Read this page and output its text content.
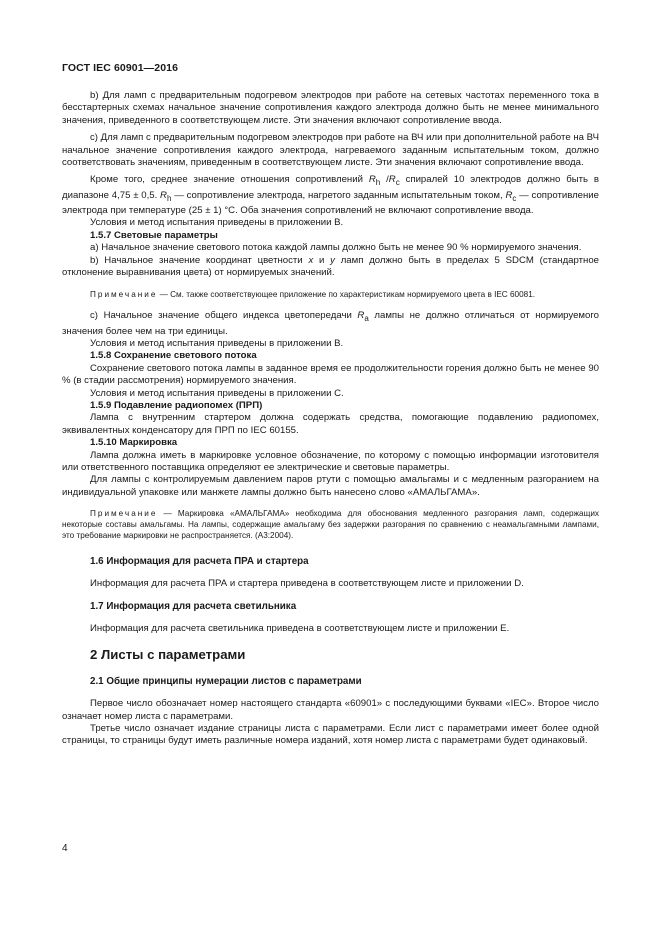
ГОСТ IEC 60901—2016

b) Для ламп с предварительным подогревом электродов при работе на сетевых частотах переменного тока в бесстартерных схемах начальное значение сопротивления каждого электрода должно быть не менее минимального значения, приведенного в соответствующем листе. Эти значения включают сопротивление ввода.

с) Для ламп с предварительным подогревом электродов при работе на ВЧ или при дополнительной работе на ВЧ начальное значение сопротивления каждого электрода, нагреваемого заданным испытательным током, должно соответствовать значениям, приведенным в соответствующем листе. Эти значения включают сопротивление ввода.

Кроме того, среднее значение отношения сопротивлений $R_h$ $/R_c$ спиралей 10 электродов должно быть в диапазоне 4,75 ± 0,5. $R_h$ — сопротивление электрода, нагретого заданным испытательным током, $R_c$ — сопротивление электрода при температуре (25 ± 1) °С. Оба значения сопротивлений не включают сопротивление ввода.

Условия и метод испытания приведены в приложении В.

1.5.7 Световые параметры

а) Начальное значение светового потока каждой лампы должно быть не менее 90 % нормируемого значения.

b) Начальное значение координат цветности x и y ламп должно быть в пределах 5 SDCM (стандартное отклонение выравнивания цвета) от нормируемых значений.

Примечание — См. также соответствующее приложение по характеристикам нормируемого цвета в IEC 60081.

с) Начальное значение общего индекса цветопередачи $R_a$ лампы не должно отличаться от нормируемого значения более чем на три единицы.

Условия и метод испытания приведены в приложении В.

1.5.8 Сохранение светового потока

Сохранение светового потока лампы в заданное время ее продолжительности горения должно быть не менее 90 % (в стадии рассмотрения) нормируемого значения.

Условия и метод испытания приведены в приложении С.

1.5.9 Подавление радиопомех (ПРП)

Лампа с внутренним стартером должна содержать средства, помогающие подавлению радиопомех, эквивалентных конденсатору для ПРП по IEC 60155.

1.5.10 Маркировка

Лампа должна иметь в маркировке условное обозначение, по которому с помощью информации изготовителя или ответственного поставщика определяют ее электрические и световые параметры.

Для лампы с контролируемым давлением паров ртути с помощью амальгамы и с медленным разгоранием на индивидуальной упаковке или манжете лампы должно быть нанесено слово «АМАЛЬГАМА».

Примечание — Маркировка «АМАЛЬГАМА» необходима для обоснования медленного разгорания ламп, содержащих некоторые составы амальгамы. На лампы, содержащие амальгаму без задержки разгорания по сравнению с неамальгамными лампами, это требование маркировки не распространяется. (А3:2004).

1.6 Информация для расчета ПРА и стартера

Информация для расчета ПРА и стартера приведена в соответствующем листе и приложении D.

1.7 Информация для расчета светильника

Информация для расчета светильника приведена в соответствующем листе и приложении Е.

2 Листы с параметрами

2.1 Общие принципы нумерации листов с параметрами

Первое число обозначает номер настоящего стандарта «60901» с последующими буквами «IEC». Второе число означает номер листа с параметрами.

Третье число означает издание страницы листа с параметрами. Если лист с параметрами имеет более одной страницы, то страницы будут иметь различные номера изданий, хотя номер листа с параметрами будет одинаковый.

4
